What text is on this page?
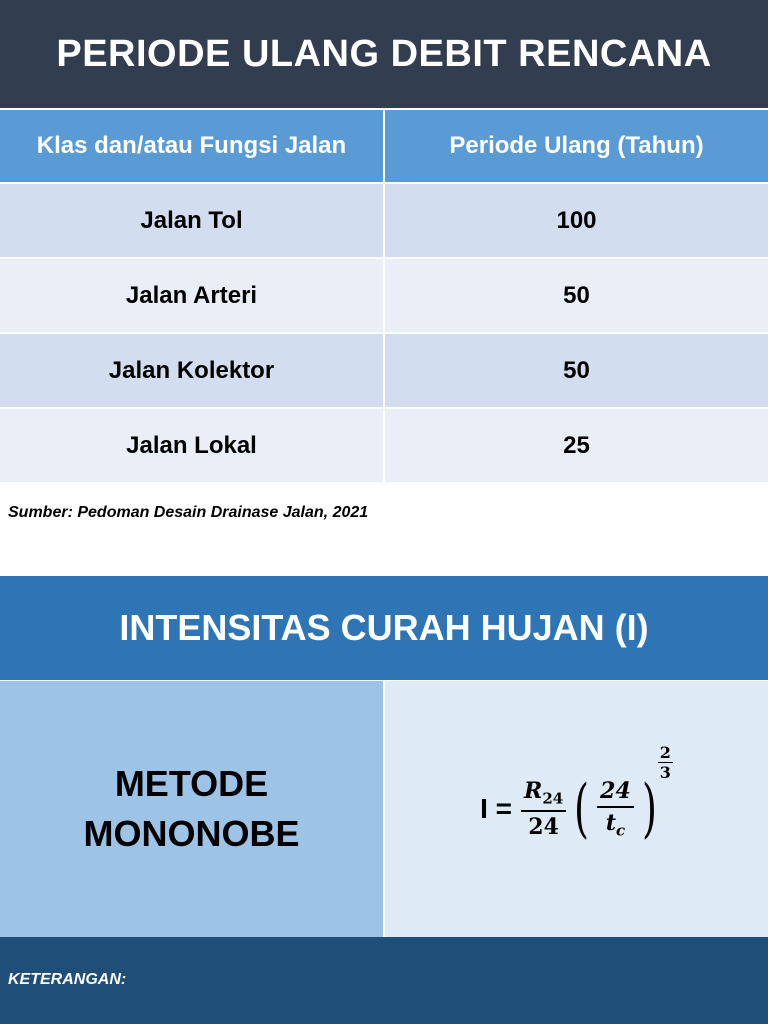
PERIODE ULANG DEBIT RENCANA
Klas dan/atau Fungsi Jalan	Periode Ulang (Tahun)
Jalan Tol	100
Jalan Arteri	50
Jalan Kolektor	50
Jalan Lokal	25
Sumber: Pedoman Desain Drainase Jalan, 2021
INTENSITAS CURAH HUJAN (I)
METODE
MONONOBE
$I = \frac{R_{24}}{24}$ ( $\frac{24}{t_c}$ )
$\frac{2}{3}$
KETERANGAN:
